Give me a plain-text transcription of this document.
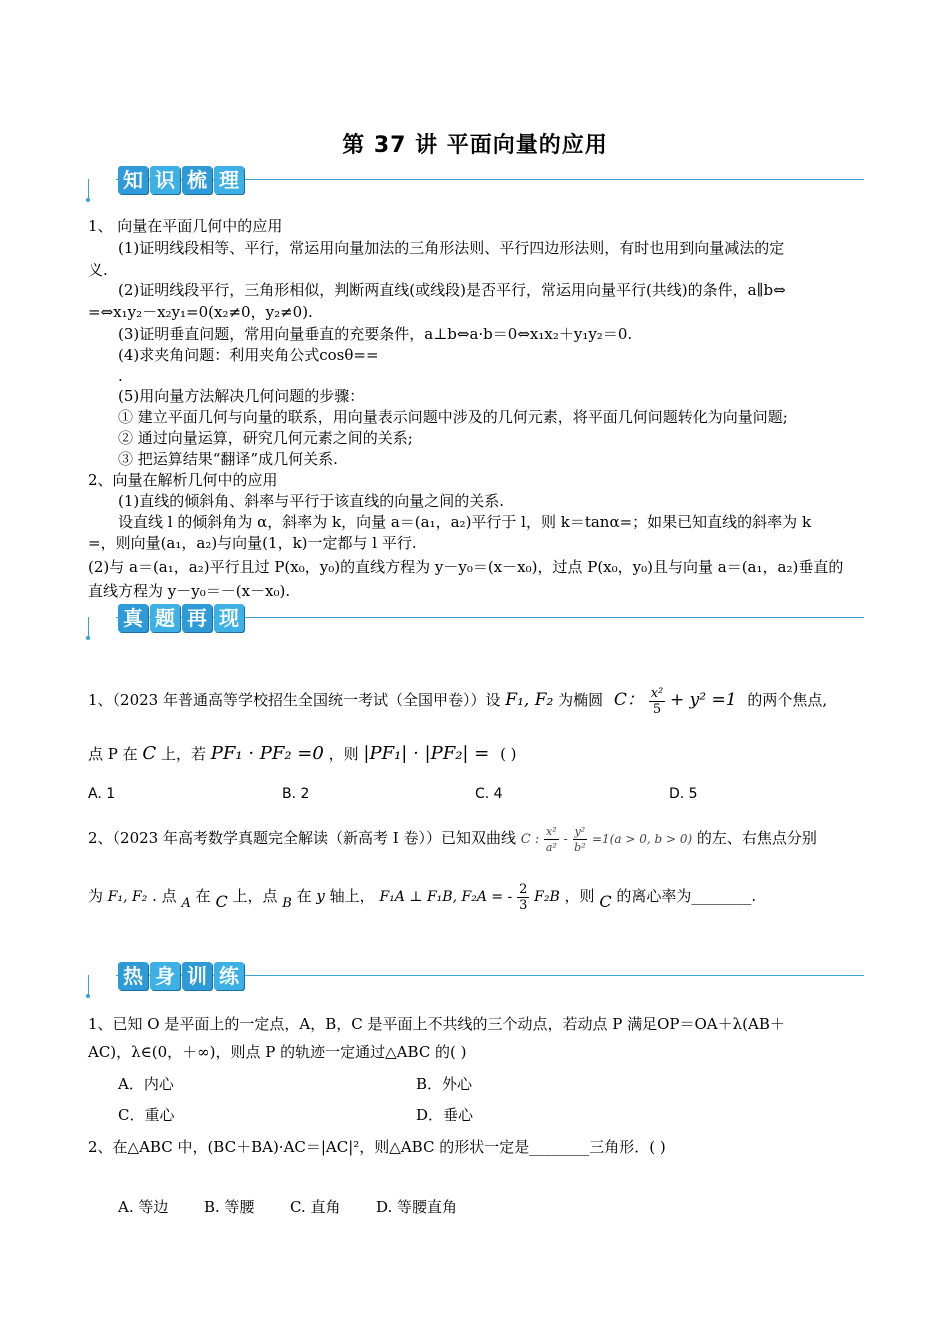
第 37 讲 平面向量的应用
知 识 梳 理
1、 向量在平面几何中的应用
(1)证明线段相等、平行，常运用向量加法的三角形法则、平行四边形法则，有时也用到向量减法的定
义.
(2)证明线段平行，三角形相似，判断两直线(或线段)是否平行，常运用向量平行(共线)的条件，a∥b⇔
=⇔x₁y₂－x₂y₁=0(x₂≠0，y₂≠0).
(3)证明垂直问题，常用向量垂直的充要条件，a⊥b⇔a·b＝0⇔x₁x₂＋y₁y₂＝0.
(4)求夹角问题：利用夹角公式cosθ==
.
(5)用向量方法解决几何问题的步骤：
① 建立平面几何与向量的联系，用向量表示问题中涉及的几何元素，将平面几何问题转化为向量问题;
② 通过向量运算，研究几何元素之间的关系;
③ 把运算结果“翻译”成几何关系.
2、向量在解析几何中的应用
(1)直线的倾斜角、斜率与平行于该直线的向量之间的关系.
设直线 l 的倾斜角为 α，斜率为 k，向量 a＝(a₁，a₂)平行于 l，则 k＝tanα=；如果已知直线的斜率为 k
=，则向量(a₁，a₂)与向量(1，k)一定都与 l 平行.
(2)与 a＝(a₁，a₂)平行且过 P(x₀，y₀)的直线方程为 y－y₀＝(x－x₀)，过点 P(x₀，y₀)且与向量 a＝(a₁，a₂)垂直的
直线方程为 y－y₀＝－(x－x₀).
真 题 再 现
1、（2023 年普通高等学校招生全国统一考试（全国甲卷））设 F₁, F₂ 为椭圆 C： $\frac{\text{x²}}{5} + y^2 =1$ 的两个焦点,
点 P 在 C 上，若 PF₁ · PF₂ =0 ，则 |PF₁| · |PF₂| = ( )
A. 1	B. 2	C. 4	D. 5
2、（2023 年高考数学真题完全解读（新高考 I 卷））已知双曲线 C : $\frac{\text{x²}}{\text{a²}} - \frac{\text{y²}}{\text{b²}} =1(a > 0$, b > 0) 的左、右焦点分别
为 F₁, F₂ . 点 A 在 C 上，点 B 在 y 轴上， F₁A ⊥ F₁B, F₂A = - $\frac{2}{3} F_2B$ ，则 C 的离心率为________.
热 身 训 练
1、已知 O 是平面上的一定点，A，B，C 是平面上不共线的三个动点，若动点 P 满足OP＝OA＋λ(AB＋
AC)，λ∈(0，＋∞)，则点 P 的轨迹一定通过△ABC 的( )
A．内心	B．外心
C．重心	D．垂心
2、在△ABC 中，(BC＋BA)·AC＝|AC|²，则△ABC 的形状一定是________三角形．( )
A. 等边 B. 等腰 C. 直角 D. 等腰直角
